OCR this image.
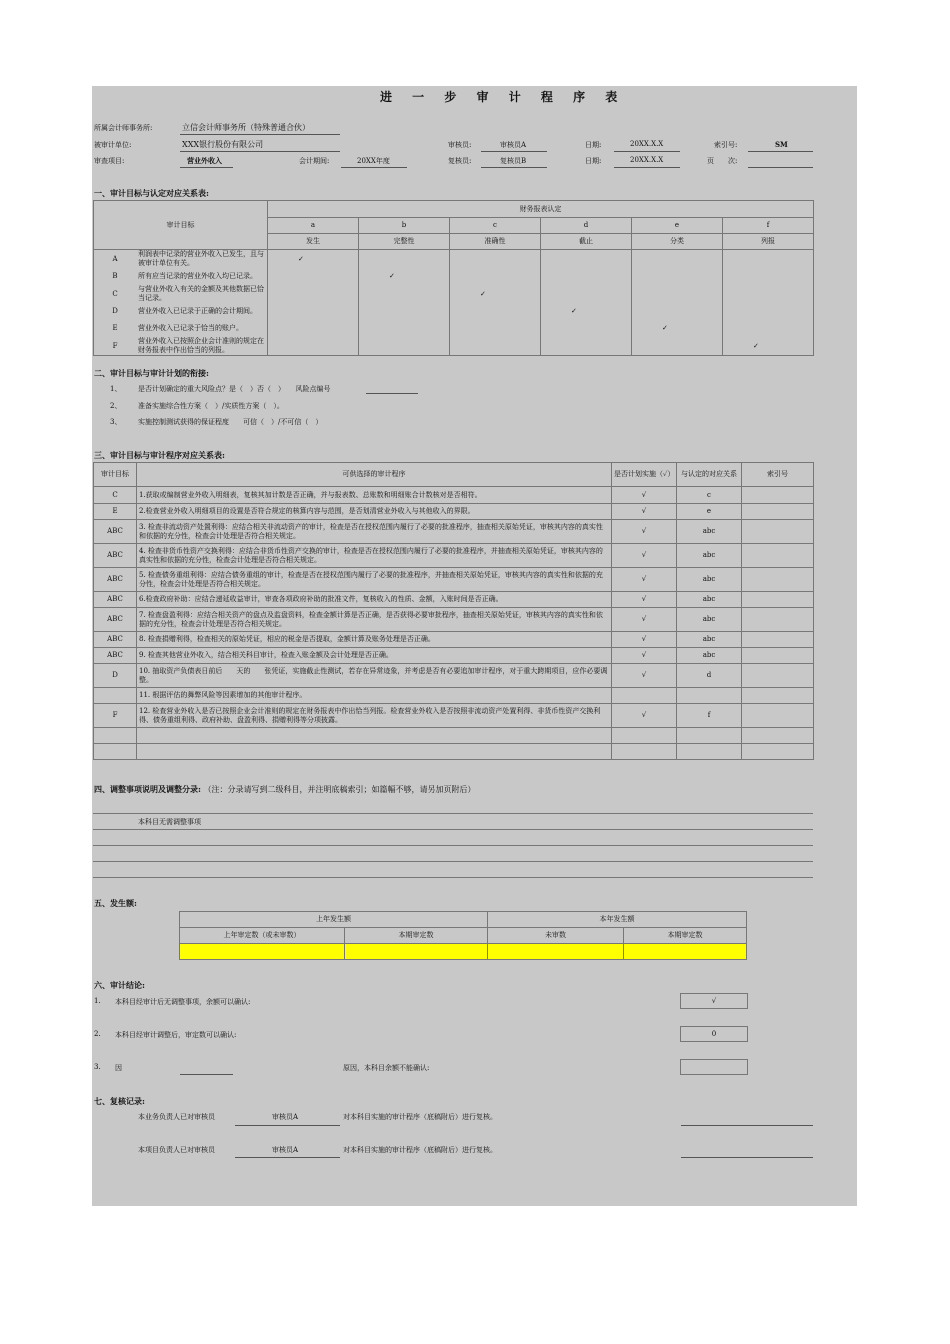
进 一 步 审 计 程 序 表
所属会计师事务所:	立信会计师事务所（特殊普通合伙）
被审计单位:	XXX银行股份有限公司	审核员:	审核员A	日期:	20XX.X.X	索引号:	SM
审查项目:	营业外收入	会计期间:	20XX年度	复核员:	复核员B	日期:	20XX.X.X	页　　次:
一、审计目标与认定对应关系表:
审计目标		财务报表认定					
		a	b	c	d	e	f
		发生	完整性	准确性	截止	分类	列报
A	利润表中记录的营业外收入已发生，且与被审计单位有关。	✓					
B	所有应当记录的营业外收入均已记录。		✓				
C	与营业外收入有关的金额及其他数据已恰当记录。			✓			
D	营业外收入已记录于正确的会计期间。				✓		
E	营业外收入已记录于恰当的账户。					✓	
F	营业外收入已按照企业会计准则的规定在财务报表中作出恰当的列报。						✓
二、审计目标与审计计划的衔接:
1、 是否计划确定的重大风险点？是（　）否（　）　　风险点编号
2、 准备实施综合性方案（　）/实质性方案（　）。
3、 实施控制测试获得的保证程度　　可信（　）/不可信（　）
三、审计目标与审计程序对应关系表:
审计目标	可供选择的审计程序	是否计划实施（✓）	与认定的对应关系	索引号
C	1.获取或编制营业外收入明细表，复核其加计数是否正确，并与报表数、总账数和明细账合计数核对是否相符。	√	c	
E	2.检查营业外收入明细项目的设置是否符合规定的核算内容与范围，是否划清营业外收入与其他收入的界限。	√	e	
ABC	3. 检查非流动资产处置利得：应结合相关非流动资产的审计，检查是否在授权范围内履行了必要的批准程序，抽查相关原始凭证，审核其内容的真实性和依据的充分性，检查会计处理是否符合相关规定。	√	abc	
ABC	4. 检查非货币性资产交换利得：应结合非货币性资产交换的审计，检查是否在授权范围内履行了必要的批准程序，并抽查相关原始凭证，审核其内容的真实性和依据的充分性，检查会计处理是否符合相关规定。	√	abc	
ABC	5. 检查债务重组利得：应结合债务重组的审计，检查是否在授权范围内履行了必要的批准程序，并抽查相关原始凭证，审核其内容的真实性和依据的充分性，检查会计处理是否符合相关规定。	√	abc	
ABC	6.检查政府补助：应结合递延收益审计，审查各项政府补助的批准文件，复核收入的性质、金额，入账时间是否正确。	√	abc	
ABC	7. 检查盘盈利得：应结合相关资产的盘点及监盘资料，检查金额计算是否正确，是否获得必要审批程序，抽查相关原始凭证，审核其内容的真实性和依据的充分性，检查会计处理是否符合相关规定。	√	abc	
ABC	8. 检查捐赠利得，检查相关的原始凭证，相应的税金是否提取，金额计算及账务处理是否正确。	√	abc	
ABC	9. 检查其他营业外收入，结合相关科目审计，检查入账金额及会计处理是否正确。	√	abc	
D	10. 抽取资产负债表日前后　　天的　　张凭证，实施截止性测试，若存在异常迹象，并考虑是否有必要追加审计程序，对于重大跨期项目，应作必要调整。	√	d	
	11. 根据评估的舞弊风险等因素增加的其他审计程序。			
F	12. 检查营业外收入是否已按照企业会计准则的规定在财务报表中作出恰当列报。检查营业外收入是否按照非流动资产处置利得、非货币性资产交换利得、债务重组利得、政府补助、盘盈利得、捐赠利得等分项披露。	√	f	

四、调整事项说明及调整分录: （注：分录请写到二级科目，并注明底稿索引；如篇幅不够，请另加页附后）
本科目无需调整事项
五、发生额:
上年发生额		本年发生额	
上年审定数（或未审数）	本期审定数	未审数	本期审定数

六、审计结论:
1. 本科目经审计后无调整事项，余额可以确认:	√
2. 本科目经审计调整后，审定数可以确认:	0
3. 因	原因，本科目余额不能确认:
七、复核记录:
本业务负责人已对审核员	审核员A	对本科目实施的审计程序（底稿附后）进行复核。
本项目负责人已对审核员	审核员A	对本科目实施的审计程序（底稿附后）进行复核。
